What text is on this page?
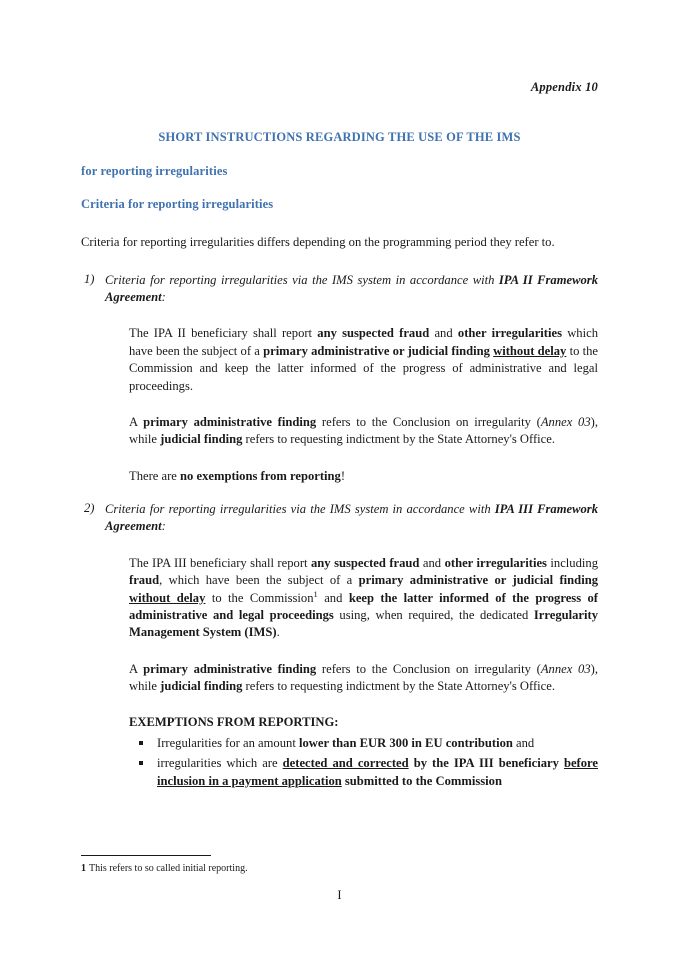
Appendix 10
SHORT INSTRUCTIONS REGARDING THE USE OF THE IMS
for reporting irregularities
Criteria for reporting irregularities

Criteria for reporting irregularities differs depending on the programming period they refer to.

1) Criteria for reporting irregularities via the IMS system in accordance with IPA II Framework Agreement:

The IPA II beneficiary shall report any suspected fraud and other irregularities which have been the subject of a primary administrative or judicial finding without delay to the Commission and keep the latter informed of the progress of administrative and legal proceedings.

A primary administrative finding refers to the Conclusion on irregularity (Annex 03), while judicial finding refers to requesting indictment by the State Attorney's Office.

There are no exemptions from reporting!

2) Criteria for reporting irregularities via the IMS system in accordance with IPA III Framework Agreement:

The IPA III beneficiary shall report any suspected fraud and other irregularities including fraud, which have been the subject of a primary administrative or judicial finding without delay to the Commission$^1$ and keep the latter informed of the progress of administrative and legal proceedings using, when required, the dedicated Irregularity Management System (IMS).

A primary administrative finding refers to the Conclusion on irregularity (Annex 03), while judicial finding refers to requesting indictment by the State Attorney's Office.

EXEMPTIONS FROM REPORTING:

Irregularities for an amount lower than EUR 300 in EU contribution and
irregularities which are detected and corrected by the IPA III beneficiary before inclusion in a payment application submitted to the Commission

1 This refers to so called initial reporting.

I
